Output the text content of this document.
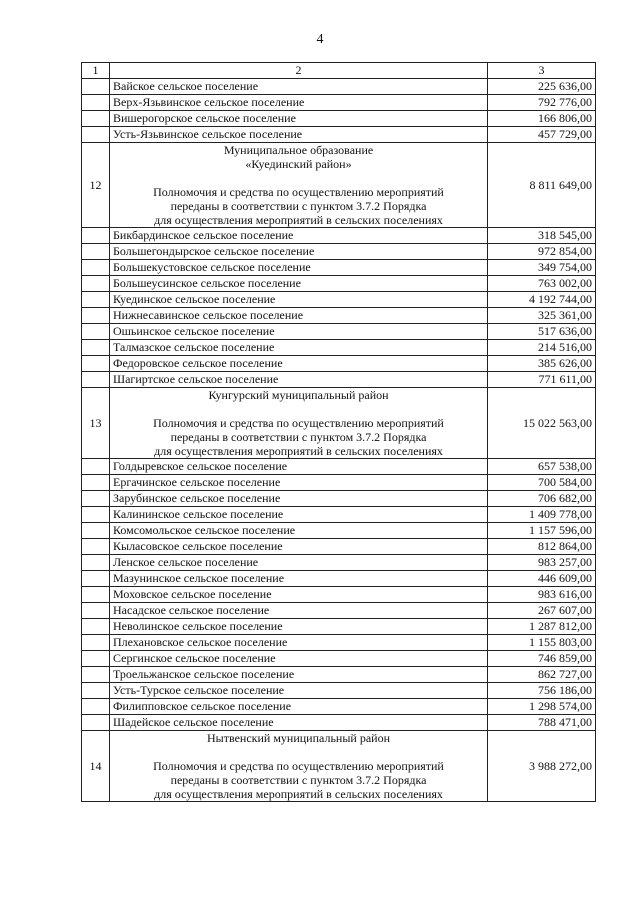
4
1	2	3
	Вайское сельское поселение	225 636,00
	Верх-Язьвинское сельское поселение	792 776,00
	Вишерогорское сельское поселение	166 806,00
	Усть-Язьвинское сельское поселение	457 729,00
12	Муниципальное образование
«Куединский район»
Полномочия и средства по осуществлению мероприятий
переданы в соответствии с пунктом 3.7.2 Порядка
для осуществления мероприятий в сельских поселениях	8 811 649,00
	Бикбардинское сельское поселение	318 545,00
	Большегондырское сельское поселение	972 854,00
	Большекустовское сельское поселение	349 754,00
	Большеусинское сельское поселение	763 002,00
	Куединское сельское поселение	4 192 744,00
	Нижнесавинское сельское поселение	325 361,00
	Ошьинское сельское поселение	517 636,00
	Талмазское сельское поселение	214 516,00
	Федоровское сельское поселение	385 626,00
	Шагиртское сельское поселение	771 611,00
13	Кунгурский муниципальный район
Полномочия и средства по осуществлению мероприятий
переданы в соответствии с пунктом 3.7.2 Порядка
для осуществления мероприятий в сельских поселениях	15 022 563,00
	Голдыревское сельское поселение	657 538,00
	Ергачинское сельское поселение	700 584,00
	Зарубинское сельское поселение	706 682,00
	Калининское сельское поселение	1 409 778,00
	Комсомольское сельское поселение	1 157 596,00
	Кыласовское сельское поселение	812 864,00
	Ленское сельское поселение	983 257,00
	Мазунинское сельское поселение	446 609,00
	Моховское сельское поселение	983 616,00
	Насадское сельское поселение	267 607,00
	Неволинское сельское поселение	1 287 812,00
	Плехановское сельское поселение	1 155 803,00
	Сергинское сельское поселение	746 859,00
	Троельжанское сельское поселение	862 727,00
	Усть-Турское сельское поселение	756 186,00
	Филипповское сельское поселение	1 298 574,00
	Шадейское сельское поселение	788 471,00
14	Нытвенский муниципальный район
Полномочия и средства по осуществлению мероприятий
переданы в соответствии с пунктом 3.7.2 Порядка
для осуществления мероприятий в сельских поселениях	3 988 272,00
